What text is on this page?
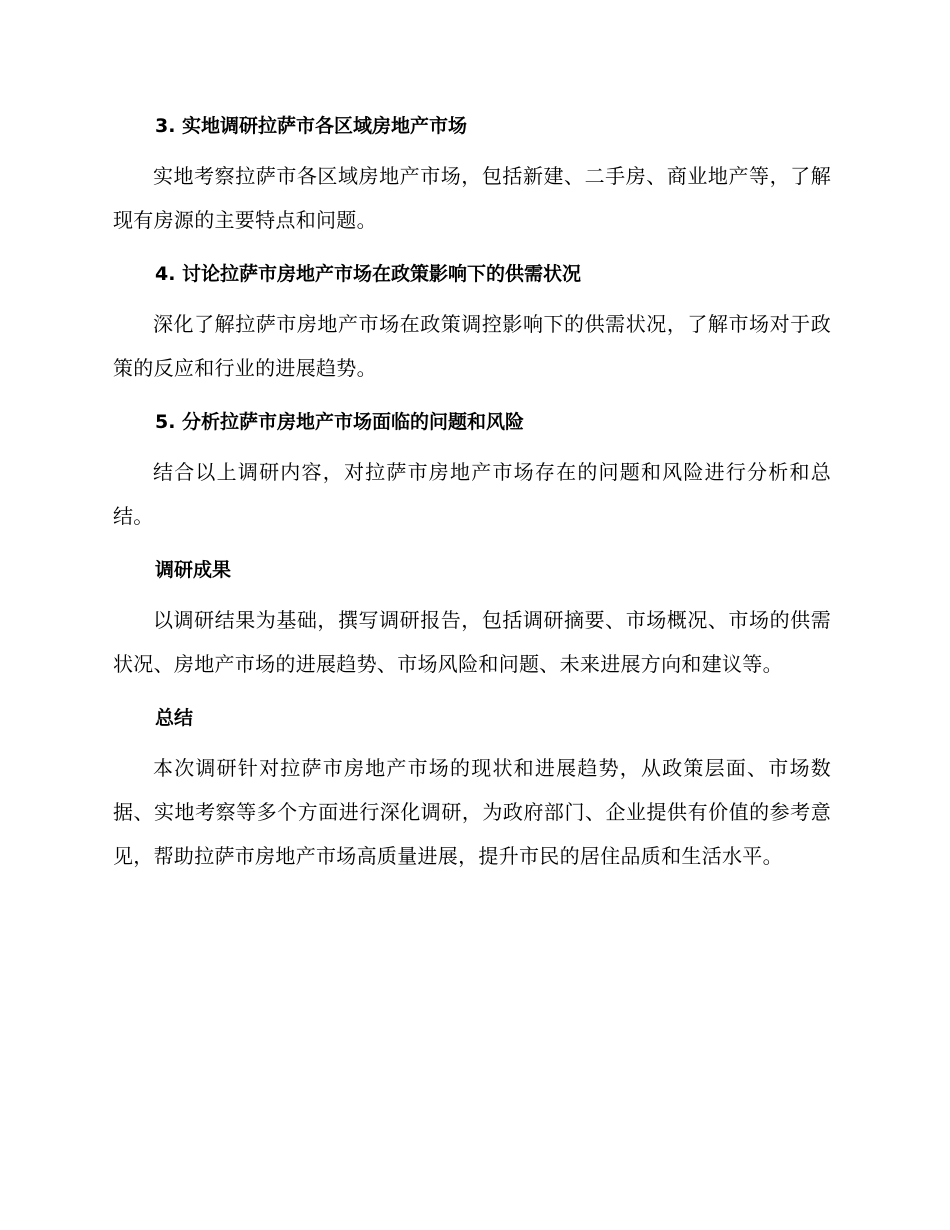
3. 实地调研拉萨市各区域房地产市场

实地考察拉萨市各区域房地产市场，包括新建、二手房、商业地产等，了解现有房源的主要特点和问题。

4. 讨论拉萨市房地产市场在政策影响下的供需状况

深化了解拉萨市房地产市场在政策调控影响下的供需状况，了解市场对于政策的反应和行业的进展趋势。

5. 分析拉萨市房地产市场面临的问题和风险

结合以上调研内容，对拉萨市房地产市场存在的问题和风险进行分析和总结。

调研成果

以调研结果为基础，撰写调研报告，包括调研摘要、市场概况、市场的供需状况、房地产市场的进展趋势、市场风险和问题、未来进展方向和建议等。

总结

本次调研针对拉萨市房地产市场的现状和进展趋势，从政策层面、市场数据、实地考察等多个方面进行深化调研，为政府部门、企业提供有价值的参考意见，帮助拉萨市房地产市场高质量进展，提升市民的居住品质和生活水平。
